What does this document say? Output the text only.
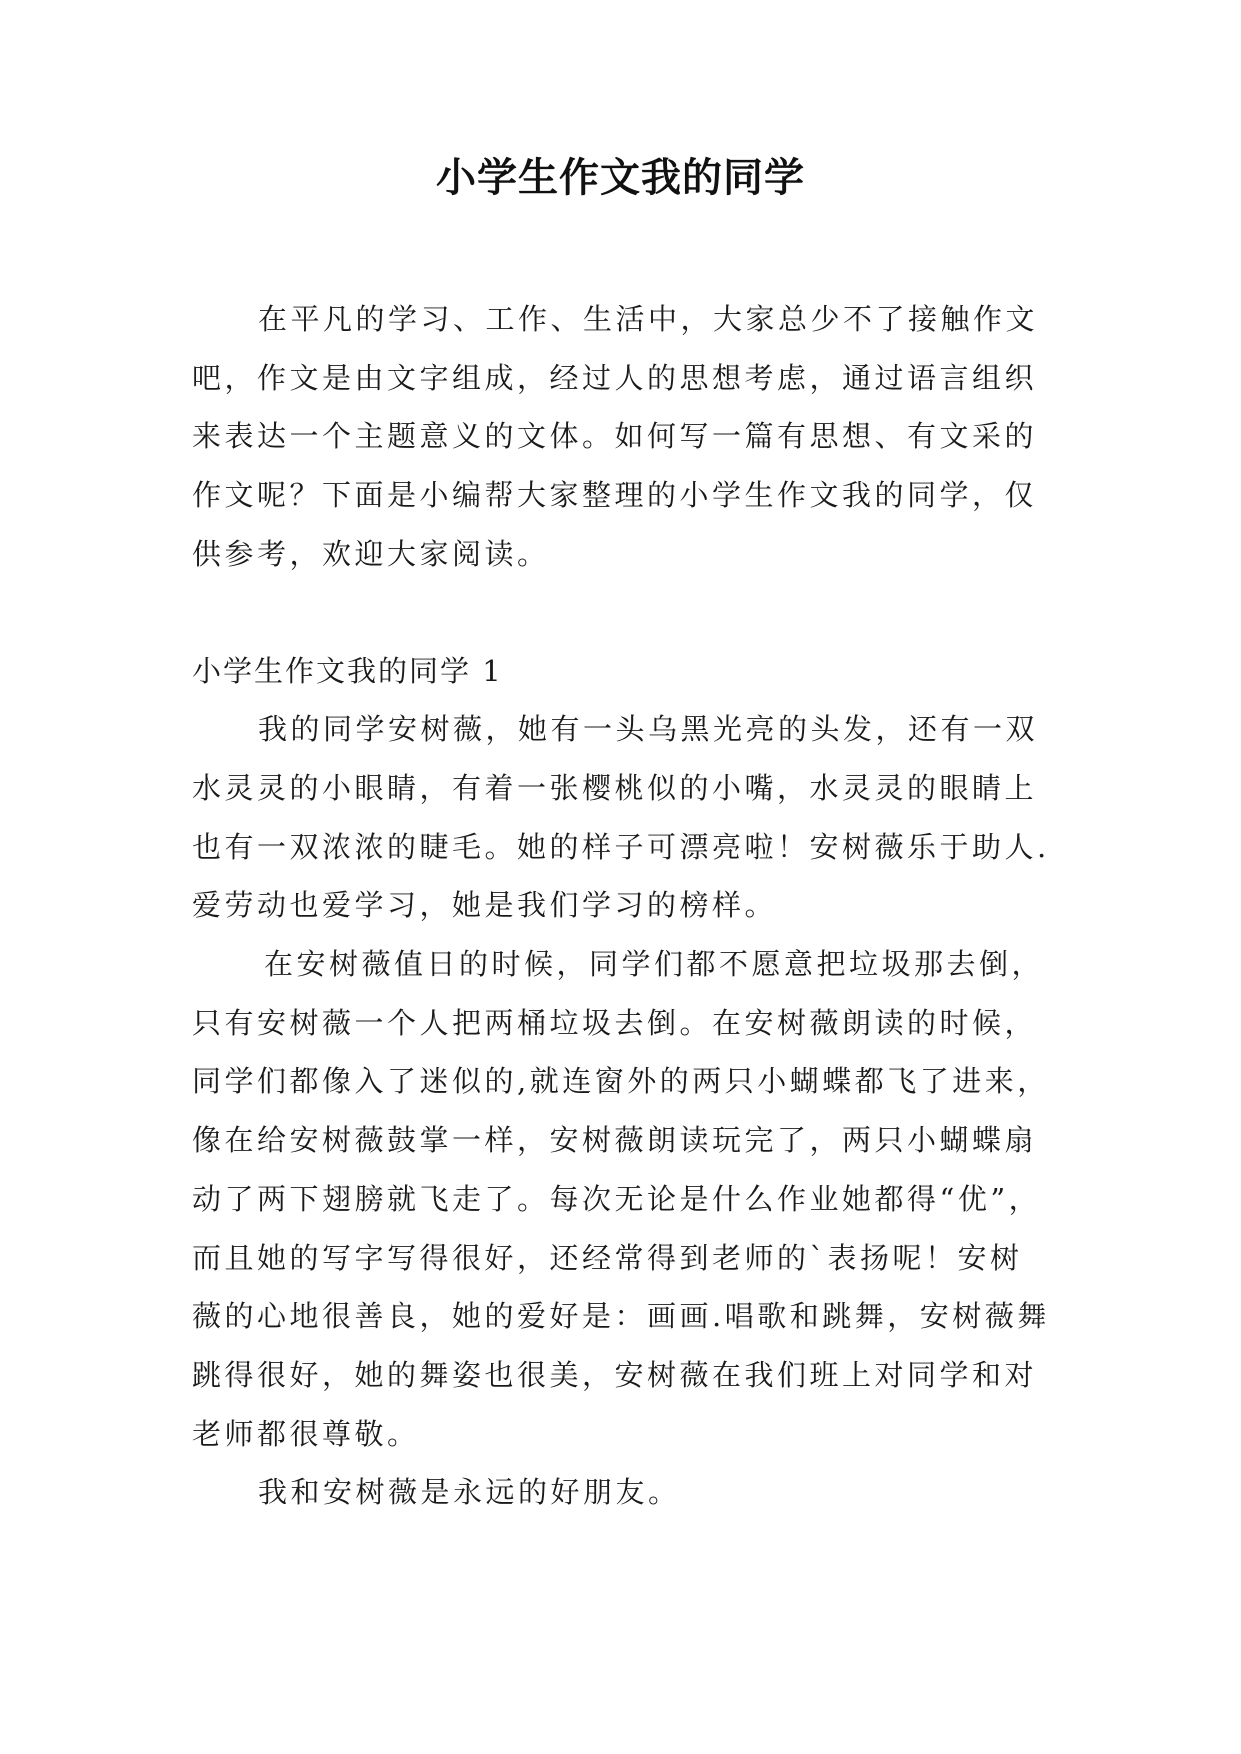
小学生作文我的同学

在平凡的学习、工作、生活中，大家总少不了接触作文吧，作文是由文字组成，经过人的思想考虑，通过语言组织来表达一个主题意义的文体。如何写一篇有思想、有文采的作文呢？下面是小编帮大家整理的小学生作文我的同学，仅供参考，欢迎大家阅读。

小学生作文我的同学 1

我的同学安树薇，她有一头乌黑光亮的头发，还有一双水灵灵的小眼睛，有着一张樱桃似的小嘴，水灵灵的眼睛上也有一双浓浓的睫毛。她的样子可漂亮啦！安树薇乐于助人.爱劳动也爱学习，她是我们学习的榜样。

在安树薇值日的时候，同学们都不愿意把垃圾那去倒，只有安树薇一个人把两桶垃圾去倒。在安树薇朗读的时候，同学们都像入了迷似的,就连窗外的两只小蝴蝶都飞了进来，像在给安树薇鼓掌一样，安树薇朗读玩完了，两只小蝴蝶扇动了两下翅膀就飞走了。每次无论是什么作业她都得“优”，而且她的写字写得很好，还经常得到老师的`表扬呢！安树薇的心地很善良，她的爱好是：画画.唱歌和跳舞，安树薇舞跳得很好，她的舞姿也很美，安树薇在我们班上对同学和对老师都很尊敬。

我和安树薇是永远的好朋友。
